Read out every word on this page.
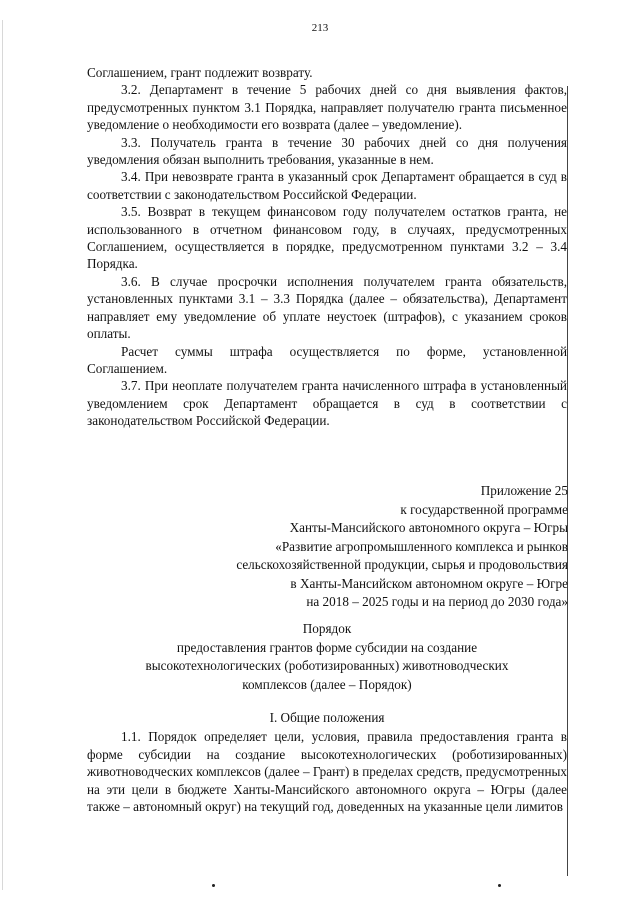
213

Соглашением, грант подлежит возврату.

3.2. Департамент в течение 5 рабочих дней со дня выявления фактов, предусмотренных пунктом 3.1 Порядка, направляет получателю гранта письменное уведомление о необходимости его возврата (далее – уведомление).

3.3. Получатель гранта в течение 30 рабочих дней со дня получения уведомления обязан выполнить требования, указанные в нем.

3.4. При невозврате гранта в указанный срок Департамент обращается в суд в соответствии с законодательством Российской Федерации.

3.5. Возврат в текущем финансовом году получателем остатков гранта, не использованного в отчетном финансовом году, в случаях, предусмотренных Соглашением, осуществляется в порядке, предусмотренном пунктами 3.2 – 3.4 Порядка.

3.6. В случае просрочки исполнения получателем гранта обязательств, установленных пунктами 3.1 – 3.3 Порядка (далее – обязательства), Департамент направляет ему уведомление об уплате неустоек (штрафов), с указанием сроков оплаты.

Расчет суммы штрафа осуществляется по форме, установленной Соглашением.

3.7. При неоплате получателем гранта начисленного штрафа в установленный уведомлением срок Департамент обращается в суд в соответствии с законодательством Российской Федерации.

Приложение 25
к государственной программе
Ханты-Мансийского автономного округа – Югры
«Развитие агропромышленного комплекса и рынков
сельскохозяйственной продукции, сырья и продовольствия
в Ханты-Мансийском автономном округе – Югре
на 2018 – 2025 годы и на период до 2030 года»
Порядок
предоставления грантов форме субсидии на создание
высокотехнологических (роботизированных) животноводческих
комплексов (далее – Порядок)
I. Общие положения

1.1. Порядок определяет цели, условия, правила предоставления гранта в форме субсидии на создание высокотехнологических (роботизированных) животноводческих комплексов (далее – Грант) в пределах средств, предусмотренных на эти цели в бюджете Ханты-Мансийского автономного округа – Югры (далее также – автономный округ) на текущий год, доведенных на указанные цели лимитов
